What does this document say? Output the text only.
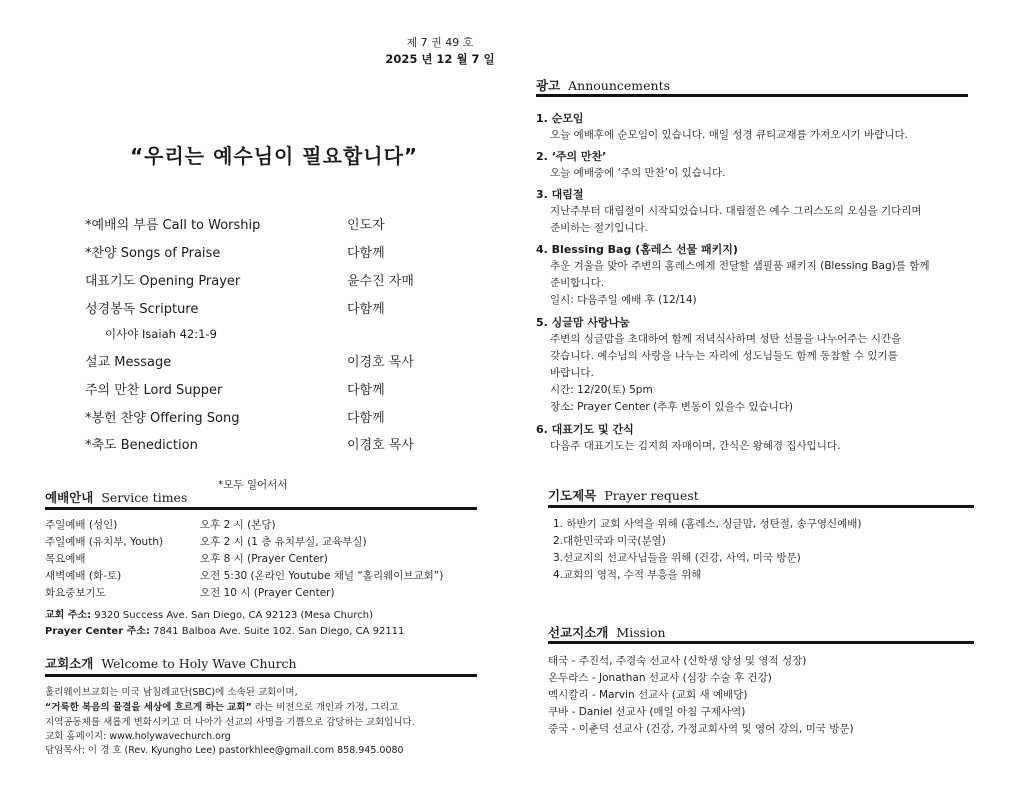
제 7 권 49 호
2025 년 12 월 7 일
“우리는 예수님이 필요합니다”
*예배의 부름 Call to Worship	인도자
*찬양 Songs of Praise	다함께
대표기도 Opening Prayer	윤수진 자매
성경봉독 Scripture	다함께
이사야 Isaiah 42:1-9
설교 Message	이경호 목사
주의 만찬 Lord Supper	다함께
*봉헌 찬양 Offering Song	다함께
*축도 Benediction	이경호 목사
*모두 일어서서
예배안내 Service times
주일예배 (성인)	오후 2 시 (본당)
주일예배 (유치부, Youth)	오후 2 시 (1 층 유치부실, 교육부실)
목요예배	오후 8 시 (Prayer Center)
새벽예배 (화-토)	오전 5:30 (온라인 Youtube 채널 “홀리웨이브교회”)
화요중보기도	오전 10 시 (Prayer Center)
교회 주소: 9320 Success Ave. San Diego, CA 92123 (Mesa Church)
Prayer Center 주소: 7841 Balboa Ave. Suite 102. San Diego, CA 92111
교회소개 Welcome to Holy Wave Church
홀리웨이브교회는 미국 남침례교단(SBC)에 소속된 교회이며,
“거룩한 복음의 물결을 세상에 흐르게 하는 교회” 라는 비전으로 개인과 가정, 그리고
지역공동체를 새롭게 변화시키고 더 나아가 선교의 사명을 기쁨으로 감당하는 교회입니다.
교회 홈페이지: www.holywavechurch.org
담임목사: 이 경 호 (Rev. Kyungho Lee) pastorkhlee@gmail.com 858.945.0080
광고 Announcements

1. 순모임

오늘 예배후에 순모임이 있습니다. 매일 성경 큐티교재를 가져오시기 바랍니다.

2. ‘주의 만찬’

오늘 예배중에 ‘주의 만찬’이 있습니다.

3. 대림절

지난주부터 대림절이 시작되었습니다. 대림절은 예수 그리스도의 오심을 기다리며
준비하는 절기입니다.

4. Blessing Bag (홈레스 선물 패키지)

추운 겨울을 맞아 주변의 홈레스에게 전달할 샘필품 패키지 (Blessing Bag)를 함께
준비합니다.
일시: 다음주일 예배 후 (12/14)

5. 싱글맘 사랑나눔

주변의 싱글맘을 초대하여 함께 저녁식사하며 성탄 선물을 나누어주는 시간을
갖습니다. 예수님의 사랑을 나누는 자리에 성도님들도 함께 동참할 수 있기를
바랍니다.
시간: 12/20(토) 5pm
장소: Prayer Center (추후 변동이 있을수 있습니다)

6. 대표기도 및 간식

다음주 대표기도는 김지희 자매이며, 간식은 왕혜경 집사입니다.
기도제목 Prayer request
1. 하반기 교회 사역을 위해 (홈레스, 싱글맘, 성탄절, 송구영신예배)
2.대한민국과 미국(분열)
3.선교지의 선교사님들을 위해 (건강, 사역, 미국 방문)
4.교회의 영적, 수적 부흥을 위해
선교지소개 Mission
태국 - 주진석, 주경숙 선교사 (신학생 양성 및 영적 성장)
온두라스 - Jonathan 선교사 (심장 수술 후 건강)
멕시칼리 - Marvin 선교사 (교회 새 예배당)
쿠바 - Daniel 선교사 (매일 아침 구제사역)
중국 - 이춘덕 선교사 (건강, 가정교회사역 및 영어 강의, 미국 방문)
